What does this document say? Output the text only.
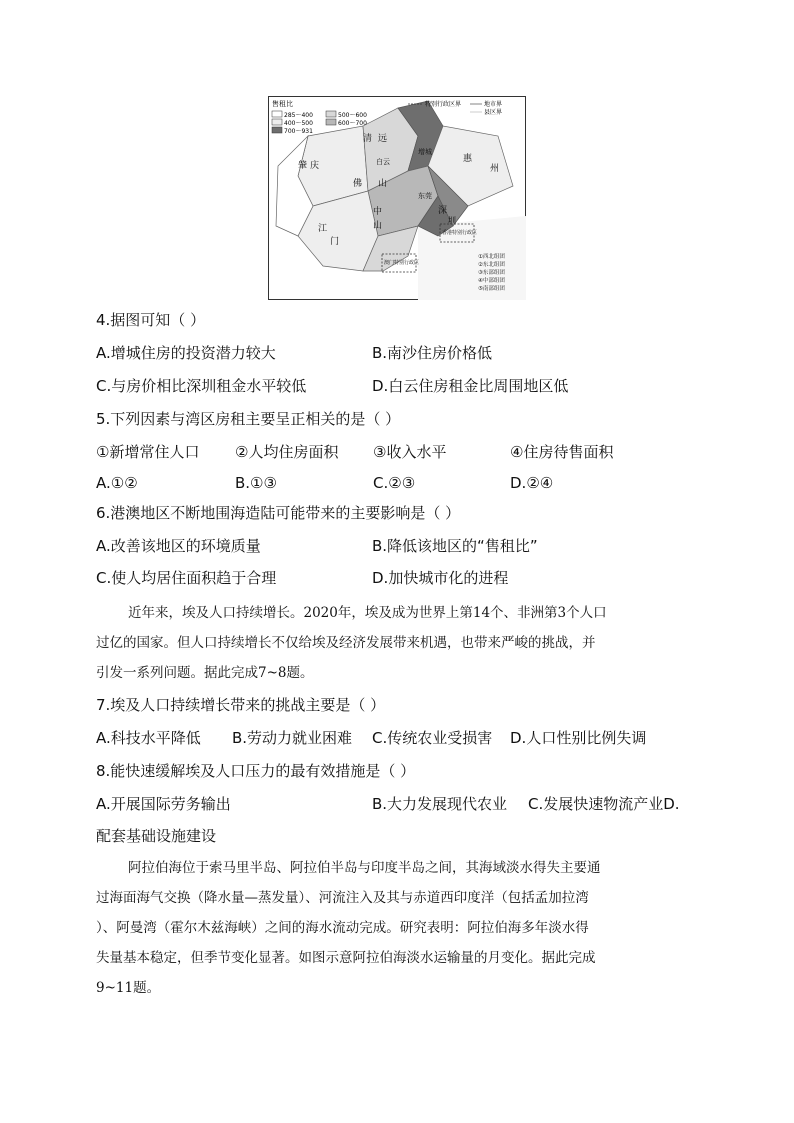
售租比
285～400	500～600
400～500	600～700
700～931
特别行政区界	地市界
县区界
肇 庆
清 远
白云
增城
惠
州
佛 山
中
山
深
圳
江
门
东莞
香港特别行政区
澳门特别行政区
①西北组团
②东北组团
③东部组团
④中部组团
⑤南部组团
4.据图可知（ ）
A.增城住房的投资潜力较大	B.南沙住房价格低
C.与房价相比深圳租金水平较低	D.白云住房租金比周围地区低
5.下列因素与湾区房租主要呈正相关的是（ ）
①新增常住人口 ②人均住房面积 ③收入水平	④住房待售面积
A.①②	B.①③	C.②③	D.②④
6.港澳地区不断地围海造陆可能带来的主要影响是（ ）
A.改善该地区的环境质量	B.降低该地区的“售租比”
C.使人均居住面积趋于合理	D.加快城市化的进程
近年来，埃及人口持续增长。2020年，埃及成为世界上第14个、非洲第3个人口
过亿的国家。但人口持续增长不仅给埃及经济发展带来机遇，也带来严峻的挑战，并
引发一系列问题。据此完成7~8题。
7.埃及人口持续增长带来的挑战主要是（ ）
A.科技水平降低 B.劳动力就业困难 C.传统农业受损害 D.人口性别比例失调
8.能快速缓解埃及人口压力的最有效措施是（ ）
A.开展国际劳务输出	B.大力发展现代农业 C.发展快速物流产业D.
配套基础设施建设
阿拉伯海位于索马里半岛、阿拉伯半岛与印度半岛之间，其海域淡水得失主要通
过海面海气交换（降水量—蒸发量）、河流注入及其与赤道西印度洋（包括孟加拉湾
）、阿曼湾（霍尔木兹海峡）之间的海水流动完成。研究表明：阿拉伯海多年淡水得
失量基本稳定，但季节变化显著。如图示意阿拉伯海淡水运输量的月变化。据此完成
9~11题。
